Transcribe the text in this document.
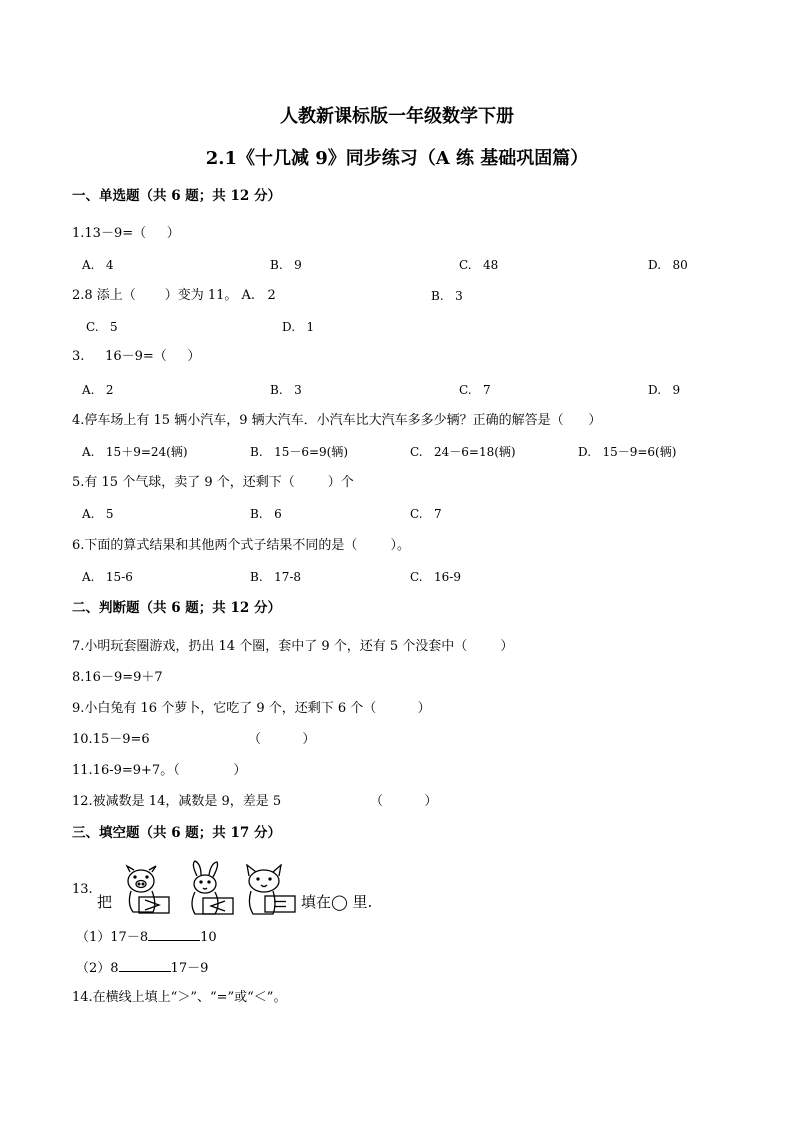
人教新课标版一年级数学下册
2.1《十几减 9》同步练习（A 练 基础巩固篇）
一、单选题（共 6 题；共 12 分）
1.13－9=（     ）
A.   4	B.   9	C.   48	D.   80
2.8 添上（       ）变为 11。 A.   2	B.   3
C.   5	D.   1
3.     16－9=（     ）
A.   2	B.   3	C.   7	D.   9
4.停车场上有 15 辆小汽车，9 辆大汽车．小汽车比大汽车多多少辆？正确的解答是（      ）
A.   15＋9=24(辆)	B.   15－6=9(辆)	C.   24－6=18(辆)	D.   15－9=6(辆)
5.有 15 个气球，卖了 9 个，还剩下（        ）个
A.   5	B.   6	C.   7
6.下面的算式结果和其他两个式子结果不同的是（        ）。
A.   15-6	B.   17-8	C.   16-9
二、判断题（共 6 题；共 12 分）
7.小明玩套圈游戏，扔出 14 个圈，套中了 9 个，还有 5 个没套中（        ）
8.16－9=9＋7
9.小白兔有 16 个萝卜，它吃了 9 个，还剩下 6 个（          ）
10.15－9=6	（          ）
11.16-9=9+7。（             ）
12.被减数是 14，减数是 9，差是 5	（          ）
三、填空题（共 6 题；共 17 分）
13.
把	填在◯ 里.
（1）17－8	10
（2）8	17－9
14.在横线上填上“＞”、“=”或“＜”。
